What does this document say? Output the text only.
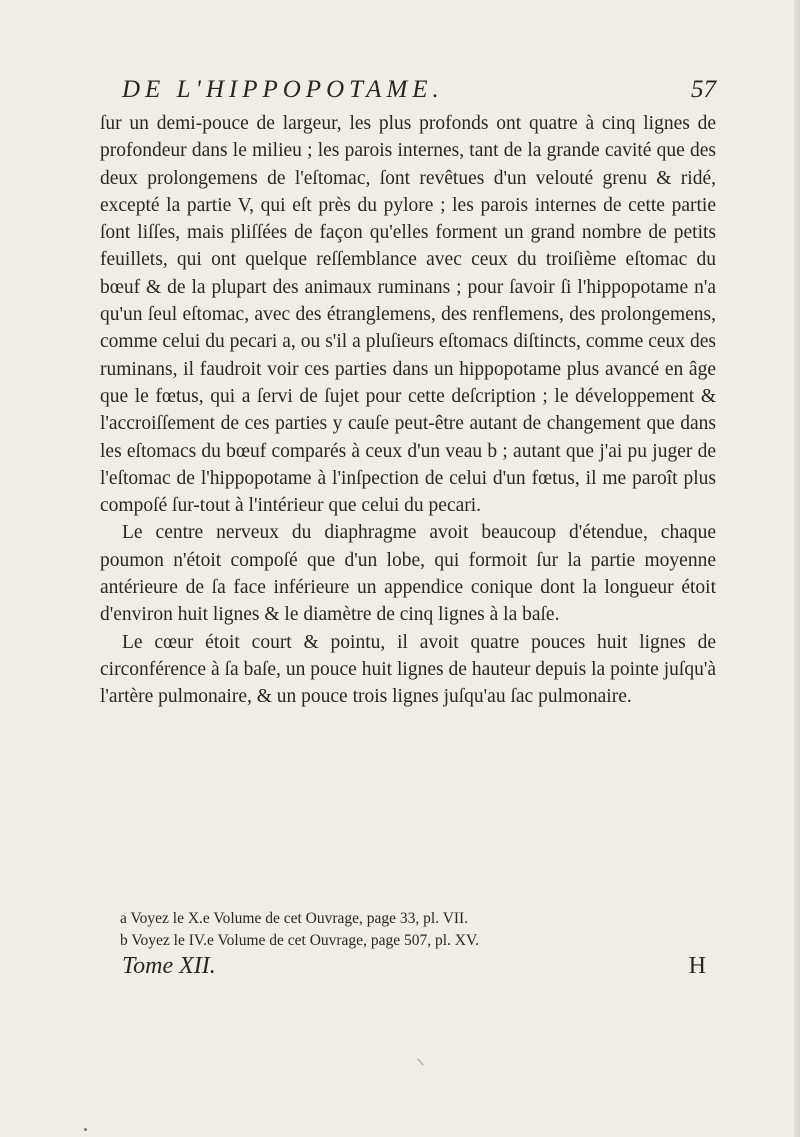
DE L'HIPPOPOTAME.	57

ſur un demi-pouce de largeur, les plus profonds ont quatre à cinq lignes de profondeur dans le milieu ; les parois internes, tant de la grande cavité que des deux prolongemens de l'eſtomac, ſont revêtues d'un velouté grenu & ridé, excepté la partie V, qui eſt près du pylore ; les parois internes de cette partie ſont liſſes, mais pliſſées de façon qu'elles forment un grand nombre de petits feuillets, qui ont quelque reſſemblance avec ceux du troiſième eſtomac du bœuf & de la plupart des animaux ruminans ; pour ſavoir ſi l'hippopotame n'a qu'un ſeul eſtomac, avec des étranglemens, des renflemens, des prolongemens, comme celui du pecari a, ou s'il a pluſieurs eſtomacs diſtincts, comme ceux des ruminans, il faudroit voir ces parties dans un hippopotame plus avancé en âge que le fœtus, qui a ſervi de ſujet pour cette deſcription ; le développement & l'accroiſſement de ces parties y cauſe peut-être autant de changement que dans les eſtomacs du bœuf comparés à ceux d'un veau b ; autant que j'ai pu juger de l'eſtomac de l'hippopotame à l'inſpection de celui d'un fœtus, il me paroît plus compoſé ſur-tout à l'intérieur que celui du pecari.

Le centre nerveux du diaphragme avoit beaucoup d'étendue, chaque poumon n'étoit compoſé que d'un lobe, qui formoit ſur la partie moyenne antérieure de ſa face inférieure un appendice conique dont la longueur étoit d'environ huit lignes & le diamètre de cinq lignes à la baſe.

Le cœur étoit court & pointu, il avoit quatre pouces huit lignes de circonférence à ſa baſe, un pouce huit lignes de hauteur depuis la pointe juſqu'à l'artère pulmonaire, & un pouce trois lignes juſqu'au ſac pulmonaire.

a Voyez le X.e Volume de cet Ouvrage, page 33, pl. VII.

b Voyez le IV.e Volume de cet Ouvrage, page 507, pl. XV.

Tome XII.	H
